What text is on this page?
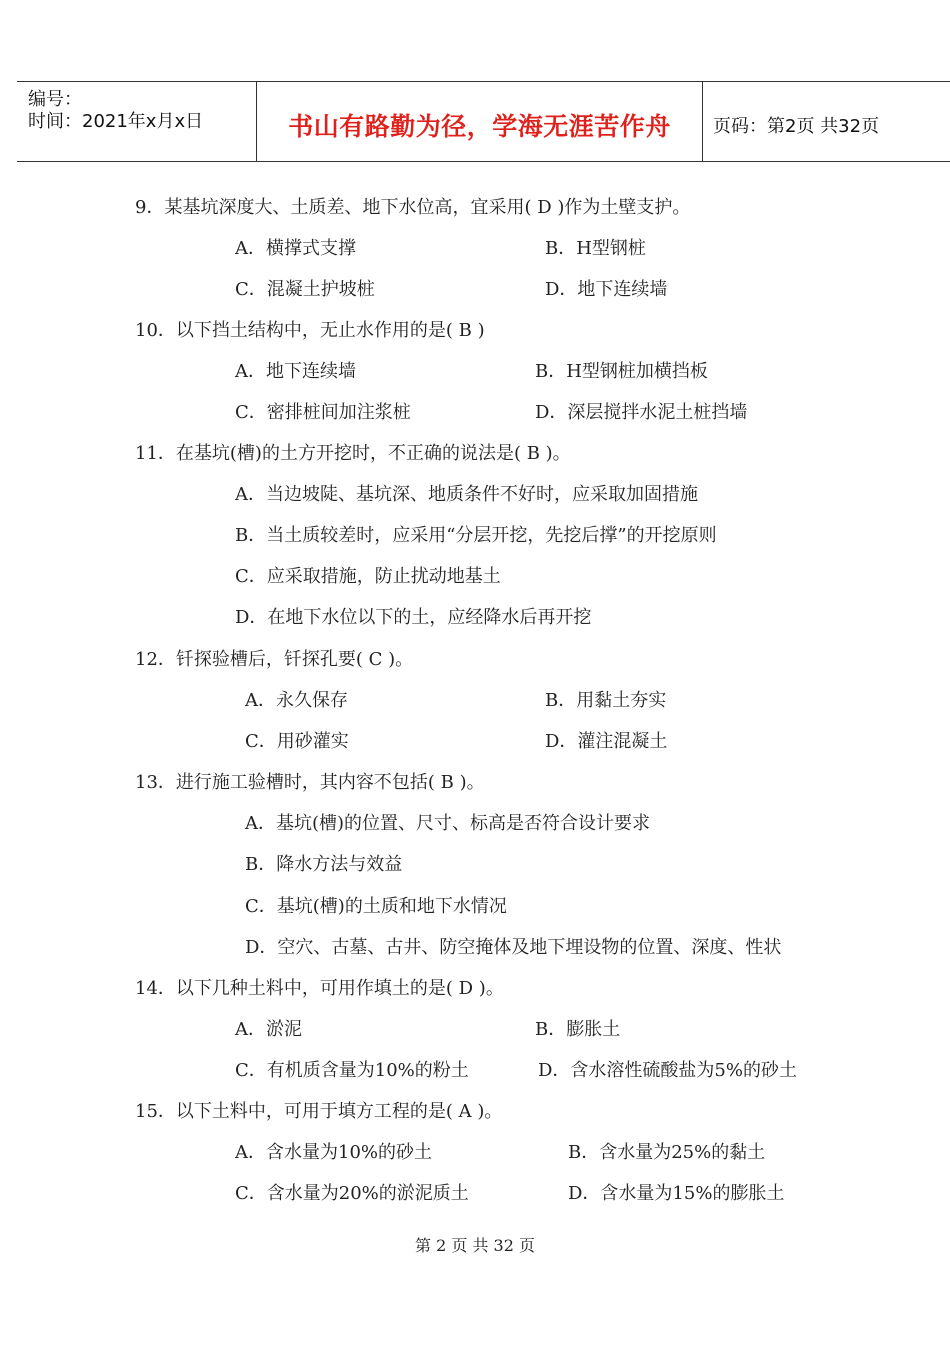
编号：
时间：2021年x月x日	书山有路勤为径，学海无涯苦作舟	页码：第2页 共32页
9．某基坑深度大、土质差、地下水位高，宜采用( D )作为土壁支护。
A．横撑式支撑	B．H型钢桩
C．混凝土护坡桩	D．地下连续墙
10．以下挡土结构中，无止水作用的是( B )
A．地下连续墙	B．H型钢桩加横挡板
C．密排桩间加注浆桩	D．深层搅拌水泥土桩挡墙
11．在基坑(槽)的土方开挖时，不正确的说法是( B )。
A．当边坡陡、基坑深、地质条件不好时，应采取加固措施
B．当土质较差时，应采用“分层开挖，先挖后撑”的开挖原则
C．应采取措施，防止扰动地基土
D．在地下水位以下的土，应经降水后再开挖
12．钎探验槽后，钎探孔要( C )。
A．永久保存	B．用黏土夯实
C．用砂灌实	D．灌注混凝土
13．进行施工验槽时，其内容不包括( B )。
A．基坑(槽)的位置、尺寸、标高是否符合设计要求
B．降水方法与效益
C．基坑(槽)的土质和地下水情况
D．空穴、古墓、古井、防空掩体及地下埋设物的位置、深度、性状
14．以下几种土料中，可用作填土的是( D )。
A．淤泥	B．膨胀土
C．有机质含量为10%的粉土	D．含水溶性硫酸盐为5%的砂土
15．以下土料中，可用于填方工程的是( A )。
A．含水量为10%的砂土	B．含水量为25%的黏土
C．含水量为20%的淤泥质土	D．含水量为15%的膨胀土
第 2 页 共 32 页
